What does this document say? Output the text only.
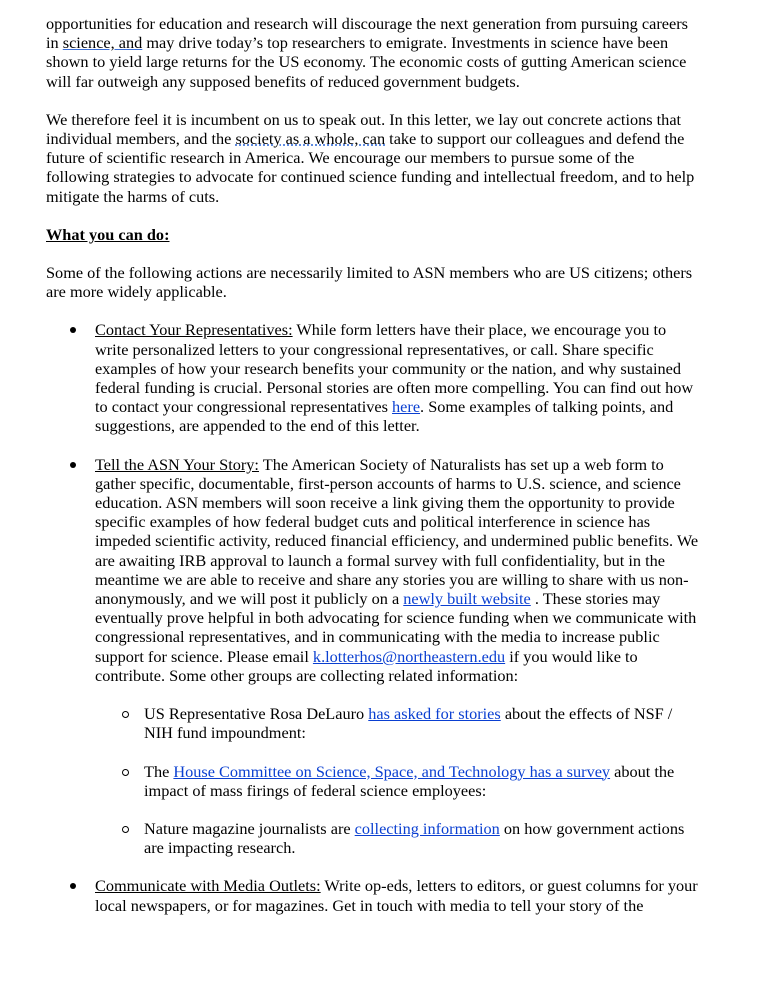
opportunities for education and research will discourage the next generation from pursuing careers in science, and may drive today’s top researchers to emigrate. Investments in science have been shown to yield large returns for the US economy. The economic costs of gutting American science will far outweigh any supposed benefits of reduced government budgets.

We therefore feel it is incumbent on us to speak out. In this letter, we lay out concrete actions that individual members, and the society as a whole, can take to support our colleagues and defend the future of scientific research in America. We encourage our members to pursue some of the following strategies to advocate for continued science funding and intellectual freedom, and to help mitigate the harms of cuts.

What you can do:

Some of the following actions are necessarily limited to ASN members who are US citizens; others are more widely applicable.

Contact Your Representatives: While form letters have their place, we encourage you to write personalized letters to your congressional representatives, or call. Share specific examples of how your research benefits your community or the nation, and why sustained federal funding is crucial. Personal stories are often more compelling. You can find out how to contact your congressional representatives here. Some examples of talking points, and suggestions, are appended to the end of this letter.
Tell the ASN Your Story: The American Society of Naturalists has set up a web form to gather specific, documentable, first-person accounts of harms to U.S. science, and science education. ASN members will soon receive a link giving them the opportunity to provide specific examples of how federal budget cuts and political interference in science has impeded scientific activity, reduced financial efficiency, and undermined public benefits. We are awaiting IRB approval to launch a formal survey with full confidentiality, but in the meantime we are able to receive and share any stories you are willing to share with us non-anonymously, and we will post it publicly on a newly built website . These stories may eventually prove helpful in both advocating for science funding when we communicate with congressional representatives, and in communicating with the media to increase public support for science. Please email k.lotterhos@northeastern.edu if you would like to contribute. Some other groups are collecting related information:
US Representative Rosa DeLauro has asked for stories about the effects of NSF / NIH fund impoundment:
The House Committee on Science, Space, and Technology has a survey about the impact of mass firings of federal science employees:
Nature magazine journalists are collecting information on how government actions are impacting research.
Communicate with Media Outlets: Write op-eds, letters to editors, or guest columns for your local newspapers, or for magazines. Get in touch with media to tell your story of the
